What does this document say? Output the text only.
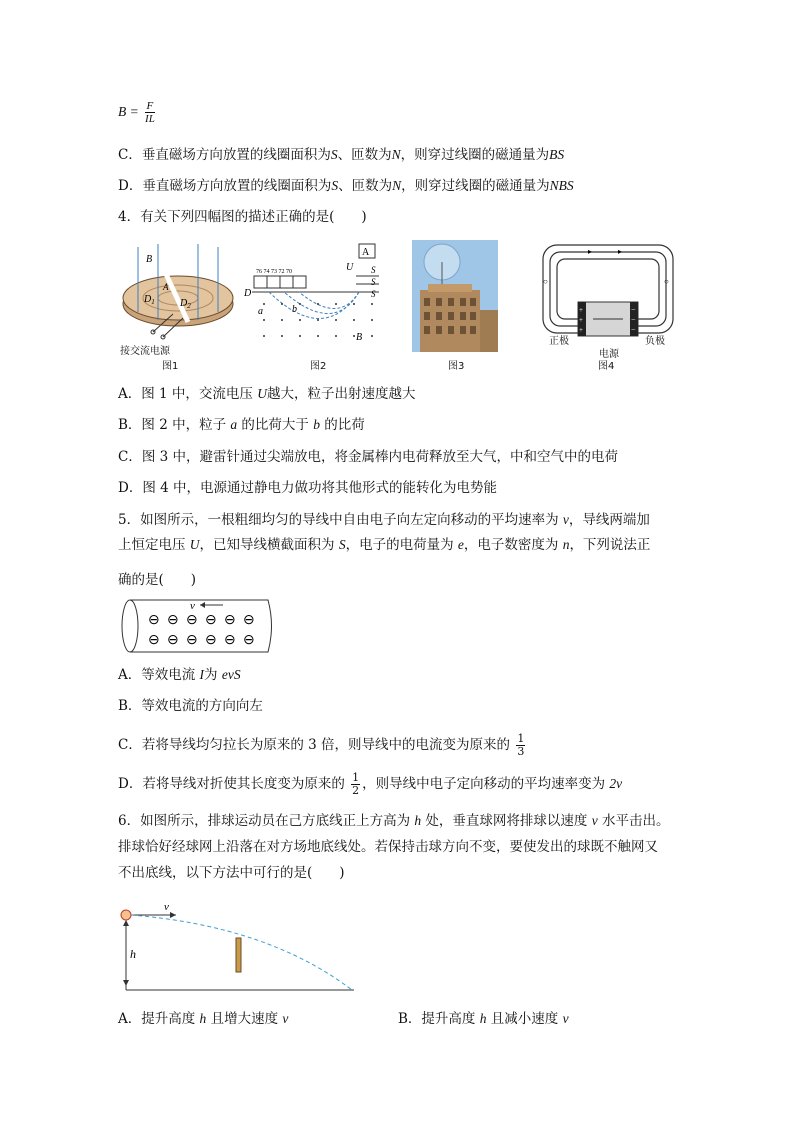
$B = \frac{F}{IL}$
C．垂直磁场方向放置的线圈面积为S、匝数为N，则穿过线圈的磁通量为BS
D．垂直磁场方向放置的线圈面积为S、匝数为N，则穿过线圈的磁通量为NBS
4．有关下列四幅图的描述正确的是(　　)
B
$D_1$	$D_2$
A
接交流电源
图1
76 74 73 72 70
D
A
U S
S
S
a	b
B
图2	图3
▸	▸
○	○
+
+
+
−
−
−
正极	负极
电源
图4
A．图 1 中，交流电压 U越大，粒子出射速度越大
B．图 2 中，粒子 a 的比荷大于 b 的比荷
C．图 3 中，避雷针通过尖端放电，将金属棒内电荷释放至大气，中和空气中的电荷
D．图 4 中，电源通过静电力做功将其他形式的能转化为电势能
5．如图所示，一根粗细均匀的导线中自由电子向左定向移动的平均速率为 v，导线两端加
上恒定电压 U，已知导线横截面积为 S，电子的电荷量为 e，电子数密度为 n，下列说法正
确的是(　　)
v
⊖ ⊖ ⊖ ⊖ ⊖ ⊖
⊖ ⊖ ⊖ ⊖ ⊖ ⊖
A．等效电流 I为 evS
B．等效电流的方向向左
C．若将导线均匀拉长为原来的 3 倍，则导线中的电流变为原来的 $\frac{1}{3}$
D．若将导线对折使其长度变为原来的 $\frac{1}{2}$ ，则导线中电子定向移动的平均速率变为 2v
6．如图所示，排球运动员在己方底线正上方高为 h 处，垂直球网将排球以速度 v 水平击出。
排球恰好经球网上沿落在对方场地底线处。若保持击球方向不变，要使发出的球既不触网又
不出底线，以下方法中可行的是(　　)
v
h
A．提升高度 h 且增大速度 v	B．提升高度 h 且减小速度 v
